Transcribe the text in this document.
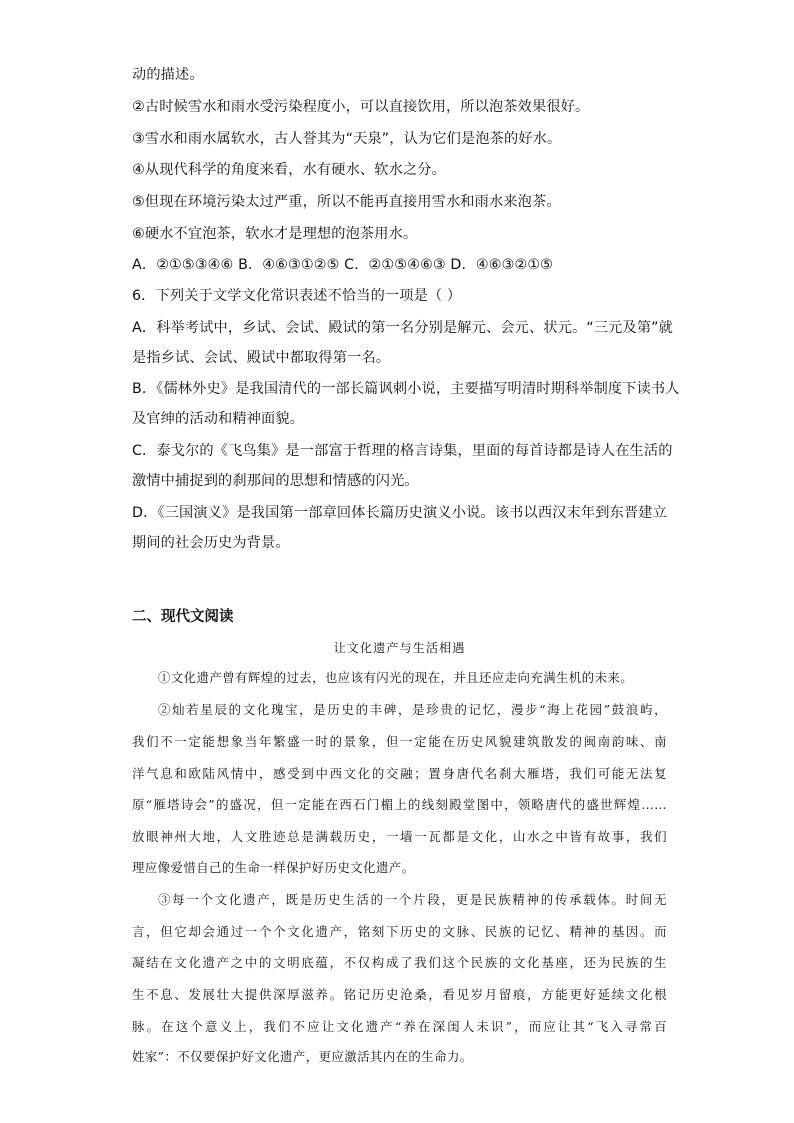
动的描述。
②古时候雪水和雨水受污染程度小，可以直接饮用，所以泡茶效果很好。
③雪水和雨水属软水，古人誉其为“天泉”，认为它们是泡茶的好水。
④从现代科学的角度来看，水有硬水、软水之分。
⑤但现在环境污染太过严重，所以不能再直接用雪水和雨水来泡茶。
⑥硬水不宜泡茶，软水才是理想的泡茶用水。
A．②①⑤③④⑥ B．④⑥③①②⑤ C．②①⑤④⑥③ D．④⑥③②①⑤
6．下列关于文学文化常识表述不恰当的一项是（ ）
A．科举考试中，乡试、会试、殿试的第一名分别是解元、会元、状元。“三元及第”就
是指乡试、会试、殿试中都取得第一名。
B．《儒林外史》是我国清代的一部长篇讽刺小说，主要描写明清时期科举制度下读书人
及官绅的活动和精神面貌。
C．泰戈尔的《飞鸟集》是一部富于哲理的格言诗集，里面的每首诗都是诗人在生活的
激情中捕捉到的刹那间的思想和情感的闪光。
D．《三国演义》是我国第一部章回体长篇历史演义小说。该书以西汉末年到东晋建立
期间的社会历史为背景。
二、现代文阅读
让文化遗产与生活相遇
①文化遗产曾有辉煌的过去，也应该有闪光的现在，并且还应走向充满生机的未来。
②灿若星辰的文化瑰宝，是历史的丰碑，是珍贵的记忆，漫步“海上花园”鼓浪屿，
我们不一定能想象当年繁盛一时的景象，但一定能在历史风貌建筑散发的闽南韵味、南
洋气息和欧陆风情中，感受到中西文化的交融；置身唐代名刹大雁塔，我们可能无法复
原“雁塔诗会”的盛况，但一定能在西石门楣上的线刻殿堂图中，领略唐代的盛世辉煌……
放眼神州大地，人文胜迹总是满载历史，一墙一瓦都是文化，山水之中皆有故事，我们
理应像爱惜自己的生命一样保护好历史文化遗产。
③每一个文化遗产，既是历史生活的一个片段，更是民族精神的传承载体。时间无
言，但它却会通过一个个文化遗产，铭刻下历史的文脉、民族的记忆、精神的基因。而
凝结在文化遗产之中的文明底蕴，不仅构成了我们这个民族的文化基座，还为民族的生
生不息、发展壮大提供深厚滋养。铭记历史沧桑，看见岁月留痕，方能更好延续文化根
脉。在这个意义上，我们不应让文化遗产“养在深闺人未识”，而应让其“飞入寻常百
姓家”：不仅要保护好文化遗产，更应激活其内在的生命力。
